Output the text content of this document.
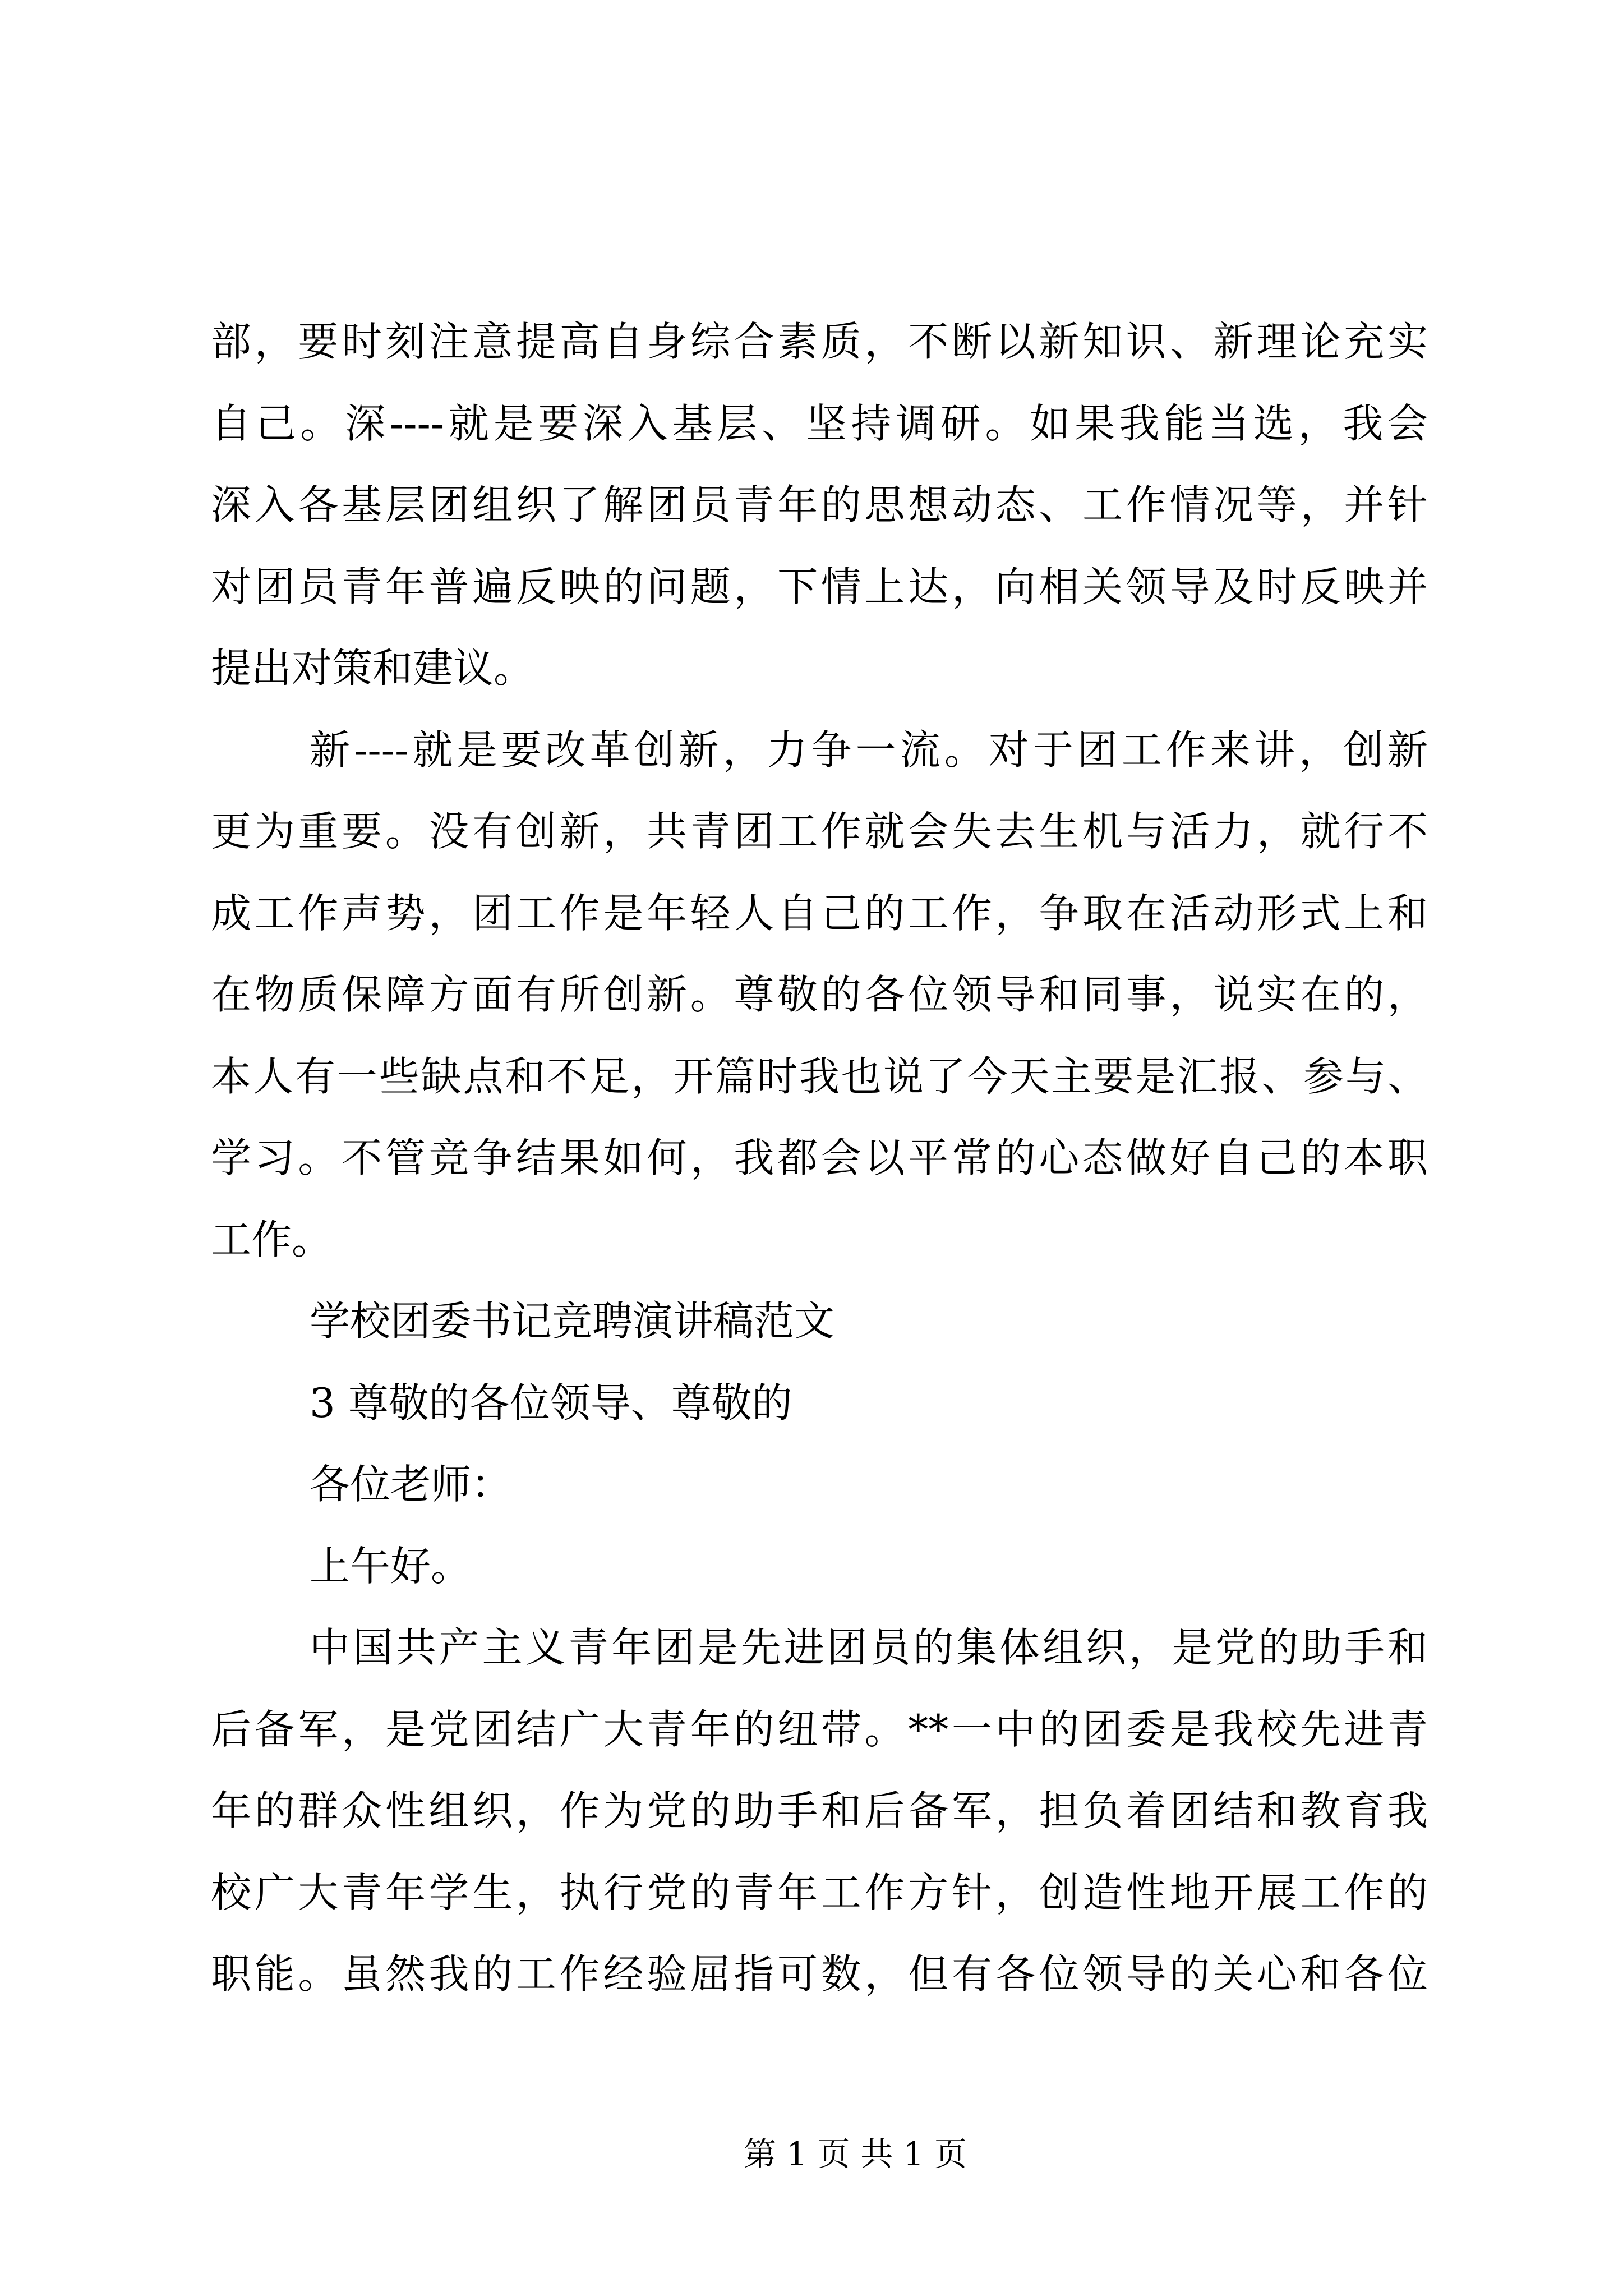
部，要时刻注意提高自身综合素质，不断以新知识、新理论充实
自己。深----就是要深入基层、坚持调研。如果我能当选，我会
深入各基层团组织了解团员青年的思想动态、工作情况等，并针
对团员青年普遍反映的问题，下情上达，向相关领导及时反映并
提出对策和建议。
新----就是要改革创新，力争一流。对于团工作来讲，创新
更为重要。没有创新，共青团工作就会失去生机与活力，就行不
成工作声势，团工作是年轻人自己的工作，争取在活动形式上和
在物质保障方面有所创新。尊敬的各位领导和同事，说实在的，
本人有一些缺点和不足，开篇时我也说了今天主要是汇报、参与、
学习。不管竞争结果如何，我都会以平常的心态做好自己的本职
工作。
学校团委书记竞聘演讲稿范文
3 尊敬的各位领导、尊敬的
各位老师：
上午好。
中国共产主义青年团是先进团员的集体组织，是党的助手和
后备军，是党团结广大青年的纽带。**一中的团委是我校先进青
年的群众性组织，作为党的助手和后备军，担负着团结和教育我
校广大青年学生，执行党的青年工作方针，创造性地开展工作的
职能。虽然我的工作经验屈指可数，但有各位领导的关心和各位
第 1 页 共 1 页
